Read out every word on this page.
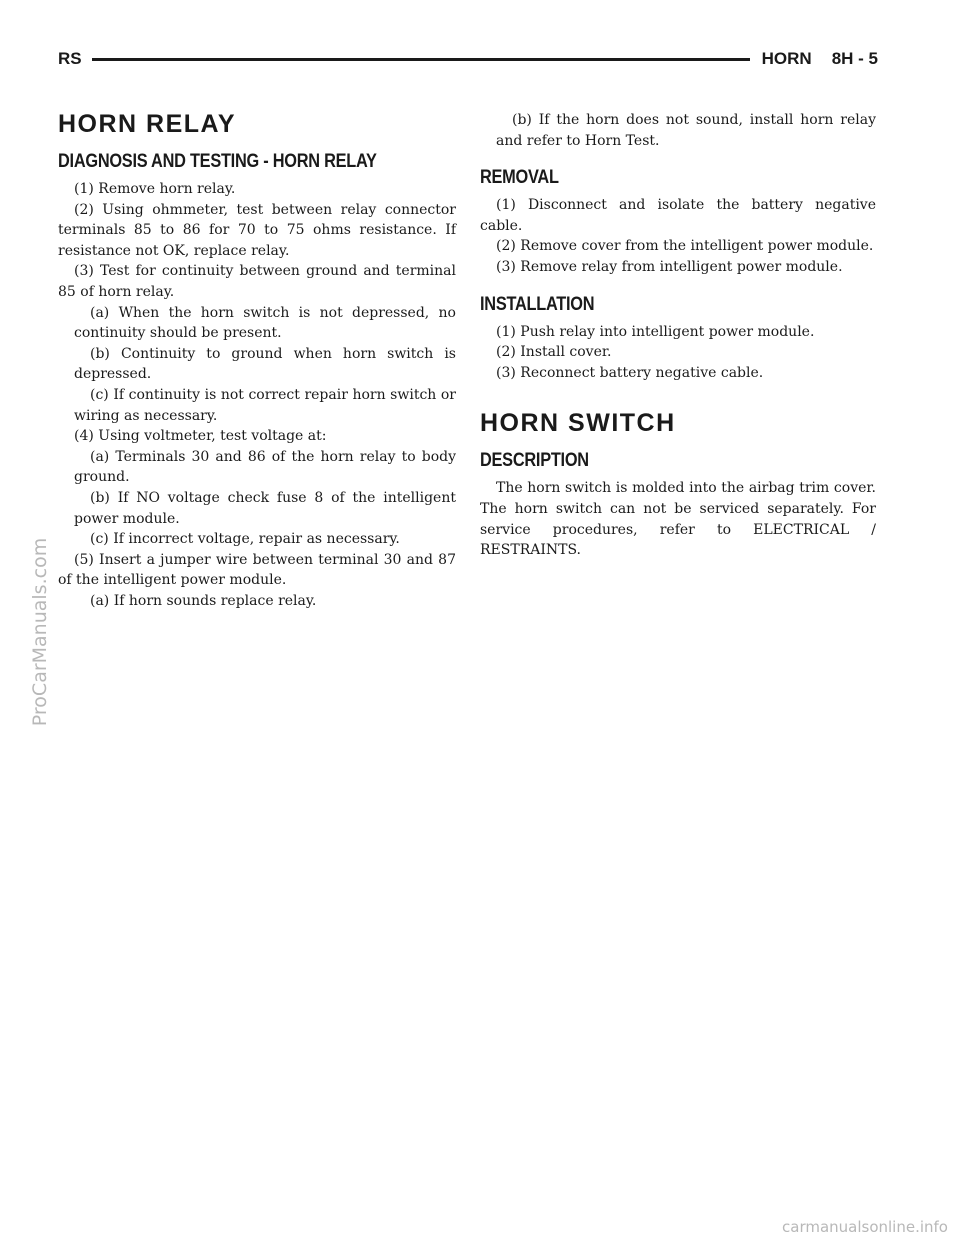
RS	HORN 8H - 5
HORN RELAY
DIAGNOSIS AND TESTING - HORN RELAY

(1) Remove horn relay.

(2) Using ohmmeter, test between relay connector terminals 85 to 86 for 70 to 75 ohms resistance. If resistance not OK, replace relay.

(3) Test for continuity between ground and terminal 85 of horn relay.

(a) When the horn switch is not depressed, no continuity should be present.

(b) Continuity to ground when horn switch is depressed.

(c) If continuity is not correct repair horn switch or wiring as necessary.

(4) Using voltmeter, test voltage at:

(a) Terminals 30 and 86 of the horn relay to body ground.

(b) If NO voltage check fuse 8 of the intelligent power module.

(c) If incorrect voltage, repair as necessary.

(5) Insert a jumper wire between terminal 30 and 87 of the intelligent power module.

(a) If horn sounds replace relay.

(b) If the horn does not sound, install horn relay and refer to Horn Test.

REMOVAL

(1) Disconnect and isolate the battery negative cable.

(2) Remove cover from the intelligent power module.

(3) Remove relay from intelligent power module.

INSTALLATION

(1) Push relay into intelligent power module.

(2) Install cover.

(3) Reconnect battery negative cable.

HORN SWITCH
DESCRIPTION

The horn switch is molded into the airbag trim cover. The horn switch can not be serviced separately. For service procedures, refer to ELECTRICAL / RESTRAINTS.

ProCarManuals.com
carmanualsonline.info
